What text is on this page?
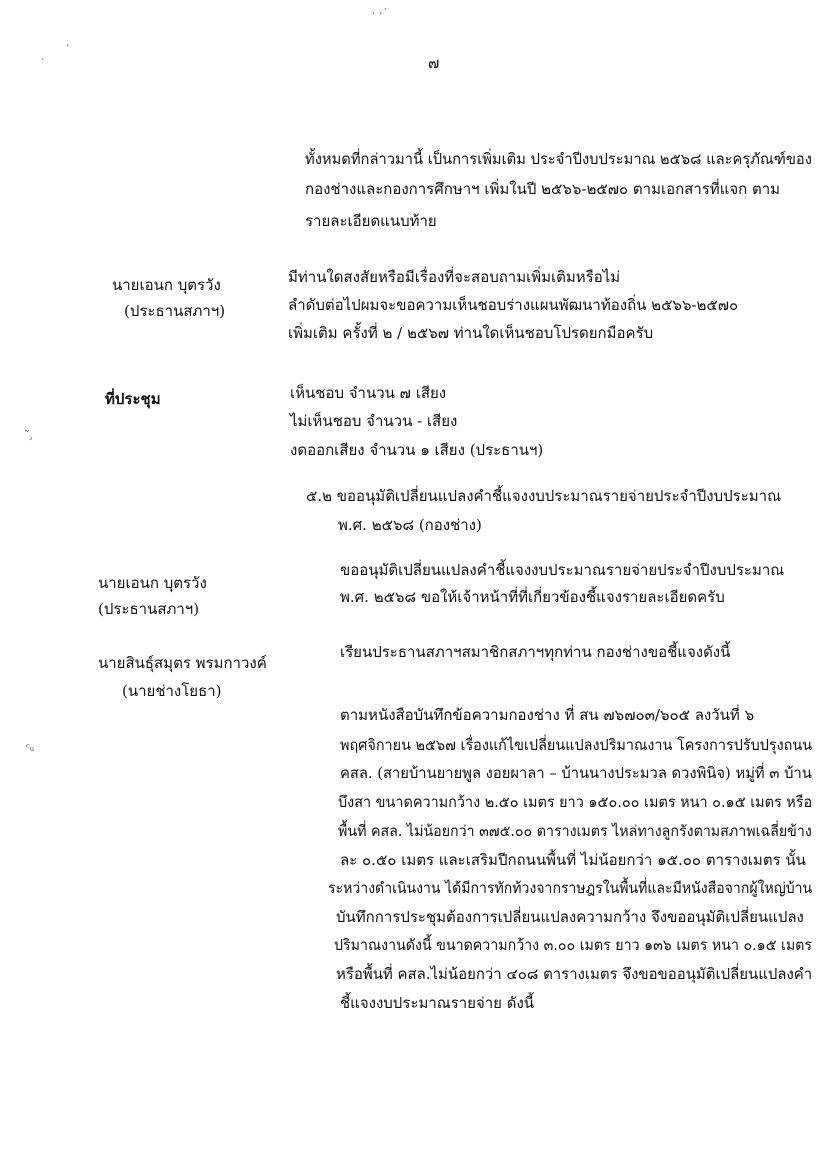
· ·˙
·
˙
˜,
ᶜᵤ
๗
ทั้งหมดที่กล่าวมานี้ เป็นการเพิ่มเติม ประจำปีงบประมาณ ๒๕๖๘ และครุภัณฑ์ของ
กองช่างและกองการศึกษาฯ เพิ่มในปี ๒๕๖๖-๒๕๗๐ ตามเอกสารที่แจก ตาม
รายละเอียดแนบท้าย
นายเอนก บุตรวัง
(ประธานสภาฯ)
มีท่านใดสงสัยหรือมีเรื่องที่จะสอบถามเพิ่มเติมหรือไม่
ลำดับต่อไปผมจะขอความเห็นชอบร่างแผนพัฒนาท้องถิ่น ๒๕๖๖-๒๕๗๐
เพิ่มเติม ครั้งที่ ๒ / ๒๕๖๗ ท่านใดเห็นชอบโปรดยกมือครับ
ที่ประชุม	เห็นชอบ จำนวน ๗ เสียง
ไม่เห็นชอบ จำนวน - เสียง
งดออกเสียง จำนวน ๑ เสียง (ประธานฯ)
๕.๒ ขออนุมัติเปลี่ยนแปลงคำชี้แจงงบประมาณรายจ่ายประจำปีงบประมาณ
พ.ศ. ๒๕๖๘ (กองช่าง)
นายเอนก บุตรวัง
(ประธานสภาฯ)
ขออนุมัติเปลี่ยนแปลงคำชี้แจงงบประมาณรายจ่ายประจำปีงบประมาณ
พ.ศ. ๒๕๖๘ ขอให้เจ้าหน้าที่ที่เกี่ยวข้องชี้แจงรายละเอียดครับ
นายสินธุ์สมุตร พรมกาวงค์
(นายช่างโยธา)
เรียนประธานสภาฯสมาชิกสภาฯทุกท่าน กองช่างขอชี้แจงดังนี้
ตามหนังสือบันทึกข้อความกองช่าง ที่ สน ๗๖๗๐๓/๖๐๕ ลงวันที่ ๖
พฤศจิกายน ๒๕๖๗ เรื่องแก้ไขเปลี่ยนแปลงปริมาณงาน โครงการปรับปรุงถนน
คสล. (สายบ้านยายพูล งอยผาลา – บ้านนางประมวล ดวงพินิจ) หมู่ที่ ๓ บ้าน
บึงสา ขนาดความกว้าง ๒.๕๐ เมตร ยาว ๑๕๐.๐๐ เมตร หนา ๐.๑๕ เมตร หรือ
พื้นที่ คสล. ไม่น้อยกว่า ๓๗๕.๐๐ ตารางเมตร ไหล่ทางลูกรังตามสภาพเฉลี่ยข้าง
ละ ๐.๕๐ เมตร และเสริมปีกถนนพื้นที่ ไม่น้อยกว่า ๑๕.๐๐ ตารางเมตร นั้น
ระหว่างดำเนินงาน ได้มีการทักท้วงจากราษฎรในพื้นที่และมีหนังสือจากผู้ใหญ่บ้าน
บันทึกการประชุมต้องการเปลี่ยนแปลงความกว้าง จึงขออนุมัติเปลี่ยนแปลง
ปริมาณงานดังนี้ ขนาดความกว้าง ๓.๐๐ เมตร ยาว ๑๓๖ เมตร หนา ๐.๑๕ เมตร
หรือพื้นที่ คสล.ไม่น้อยกว่า ๔๐๘ ตารางเมตร จึงขอขออนุมัติเปลี่ยนแปลงคำ
ชี้แจงงบประมาณรายจ่าย ดังนี้
